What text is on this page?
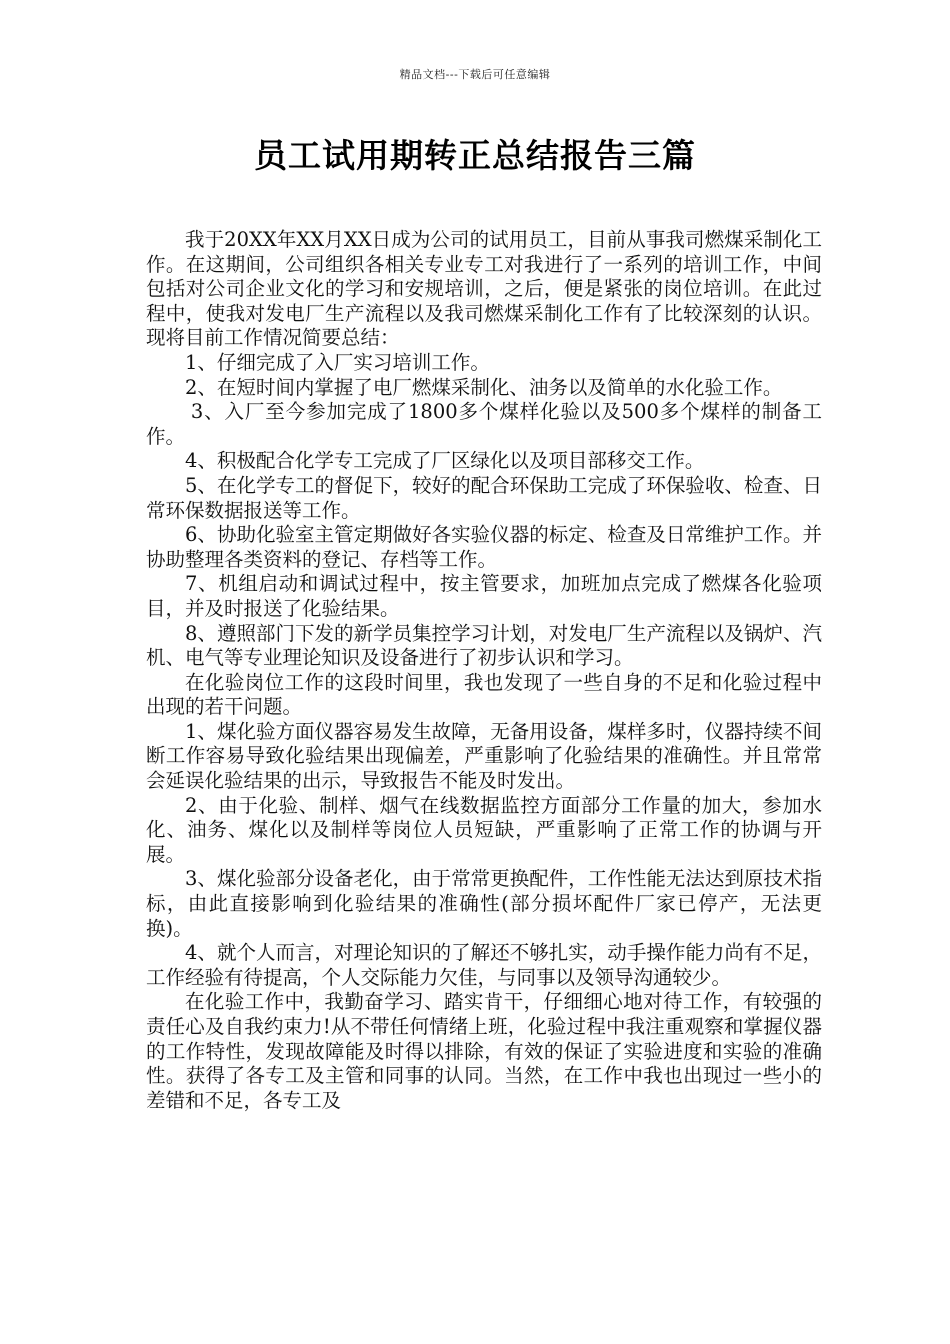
精品文档---下载后可任意编辑
员工试用期转正总结报告三篇

我于20XX年XX月XX日成为公司的试用员工，目前从事我司燃煤采制化工作。在这期间，公司组织各相关专业专工对我进行了一系列的培训工作，中间包括对公司企业文化的学习和安规培训，之后，便是紧张的岗位培训。在此过程中，使我对发电厂生产流程以及我司燃煤采制化工作有了比较深刻的认识。现将目前工作情况简要总结：

1、仔细完成了入厂实习培训工作。

2、在短时间内掌握了电厂燃煤采制化、油务以及简单的水化验工作。

3、入厂至今参加完成了1800多个煤样化验以及500多个煤样的制备工作。

4、积极配合化学专工完成了厂区绿化以及项目部移交工作。

5、在化学专工的督促下，较好的配合环保助工完成了环保验收、检查、日常环保数据报送等工作。

6、协助化验室主管定期做好各实验仪器的标定、检查及日常维护工作。并协助整理各类资料的登记、存档等工作。

7、机组启动和调试过程中，按主管要求，加班加点完成了燃煤各化验项目，并及时报送了化验结果。

8、遵照部门下发的新学员集控学习计划，对发电厂生产流程以及锅炉、汽机、电气等专业理论知识及设备进行了初步认识和学习。

在化验岗位工作的这段时间里，我也发现了一些自身的不足和化验过程中出现的若干问题。

1、煤化验方面仪器容易发生故障，无备用设备，煤样多时，仪器持续不间断工作容易导致化验结果出现偏差，严重影响了化验结果的准确性。并且常常会延误化验结果的出示，导致报告不能及时发出。

2、由于化验、制样、烟气在线数据监控方面部分工作量的加大，参加水化、油务、煤化以及制样等岗位人员短缺，严重影响了正常工作的协调与开展。

3、煤化验部分设备老化，由于常常更换配件，工作性能无法达到原技术指标，由此直接影响到化验结果的准确性(部分损坏配件厂家已停产，无法更换)。

4、就个人而言，对理论知识的了解还不够扎实，动手操作能力尚有不足，工作经验有待提高，个人交际能力欠佳，与同事以及领导沟通较少。

在化验工作中，我勤奋学习、踏实肯干，仔细细心地对待工作，有较强的责任心及自我约束力!从不带任何情绪上班，化验过程中我注重观察和掌握仪器的工作特性，发现故障能及时得以排除，有效的保证了实验进度和实验的准确性。获得了各专工及主管和同事的认同。当然，在工作中我也出现过一些小的差错和不足，各专工及
